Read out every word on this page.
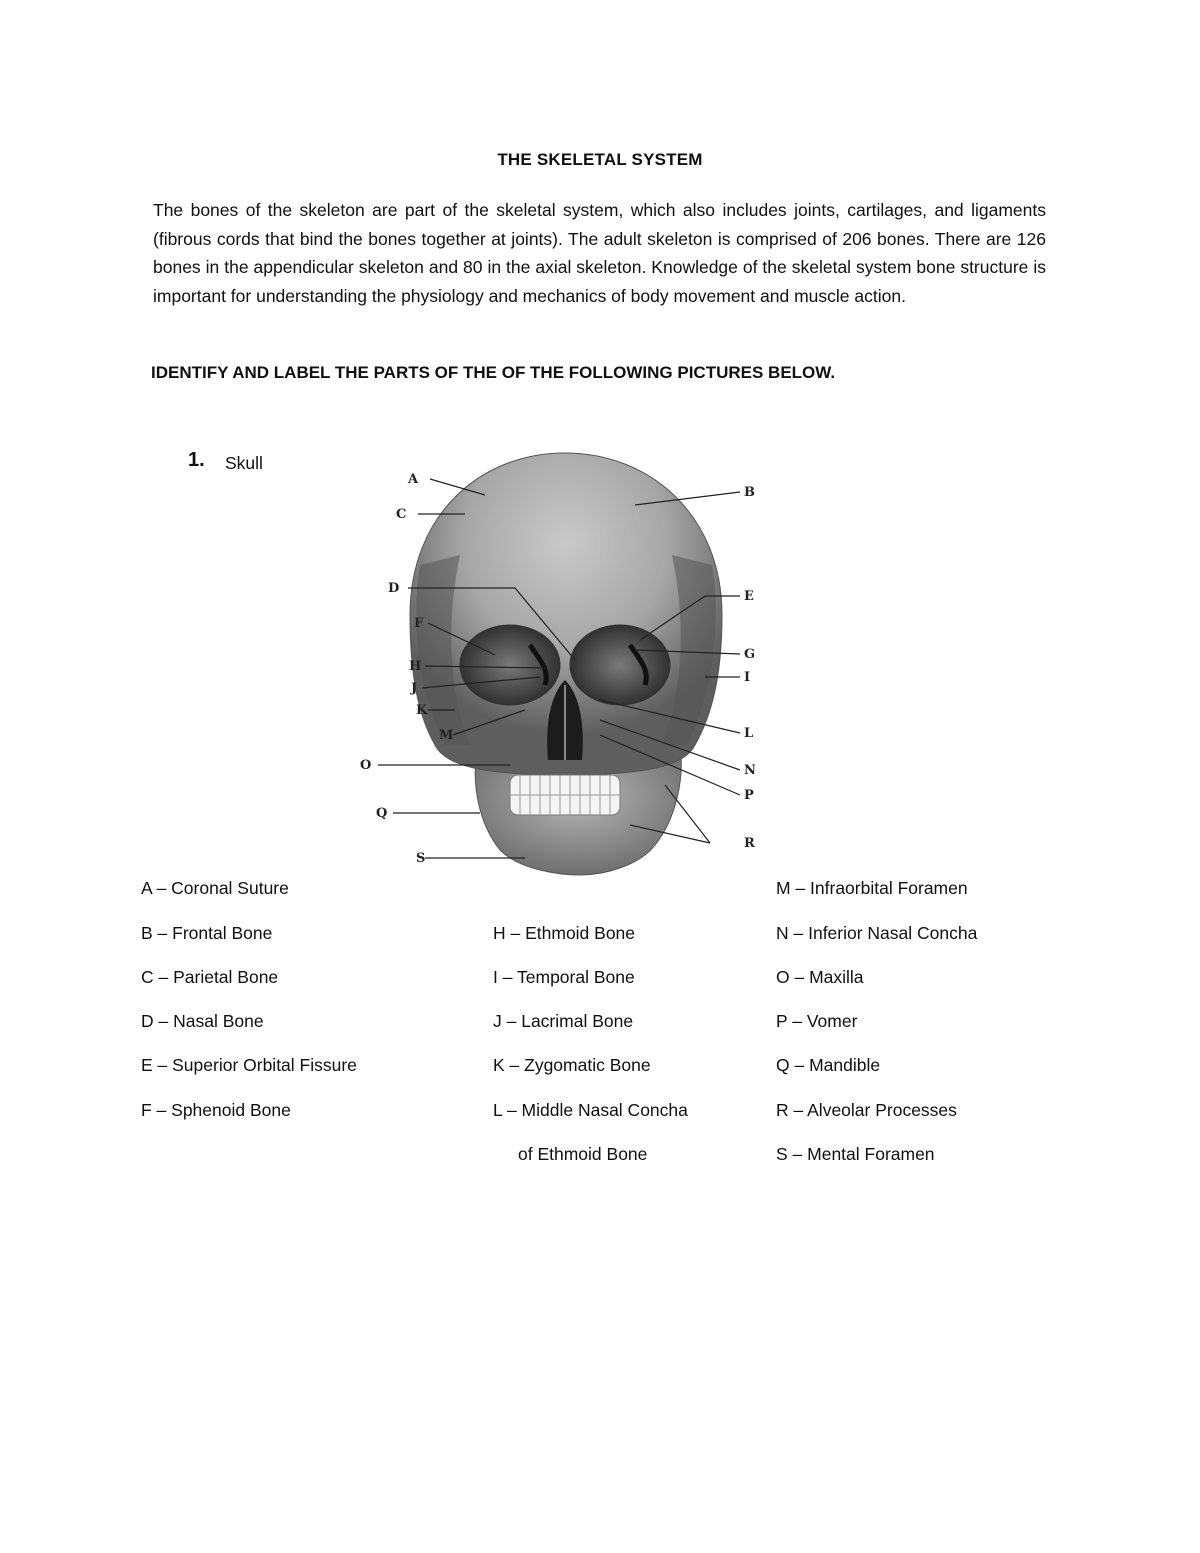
THE SKELETAL SYSTEM

The bones of the skeleton are part of the skeletal system, which also includes joints, cartilages, and ligaments (fibrous cords that bind the bones together at joints). The adult skeleton is comprised of 206 bones. There are 126 bones in the appendicular skeleton and 80 in the axial skeleton. Knowledge of the skeletal system bone structure is important for understanding the physiology and mechanics of body movement and muscle action.

IDENTIFY AND LABEL THE PARTS OF THE OF THE FOLLOWING PICTURES BELOW.
1. Skull
A
B
C
D
E
F
G
H
I
J
K
L
M
N
O
P
Q
R
S
A – Coronal Suture
B – Frontal Bone
C – Parietal Bone
D – Nasal Bone
E – Superior Orbital Fissure
F – Sphenoid Bone
H – Ethmoid Bone
I – Temporal Bone
J – Lacrimal Bone
K – Zygomatic Bone
L – Middle Nasal Concha
of Ethmoid Bone
M – Infraorbital Foramen
N – Inferior Nasal Concha
O – Maxilla
P – Vomer
Q – Mandible
R – Alveolar Processes
S – Mental Foramen
